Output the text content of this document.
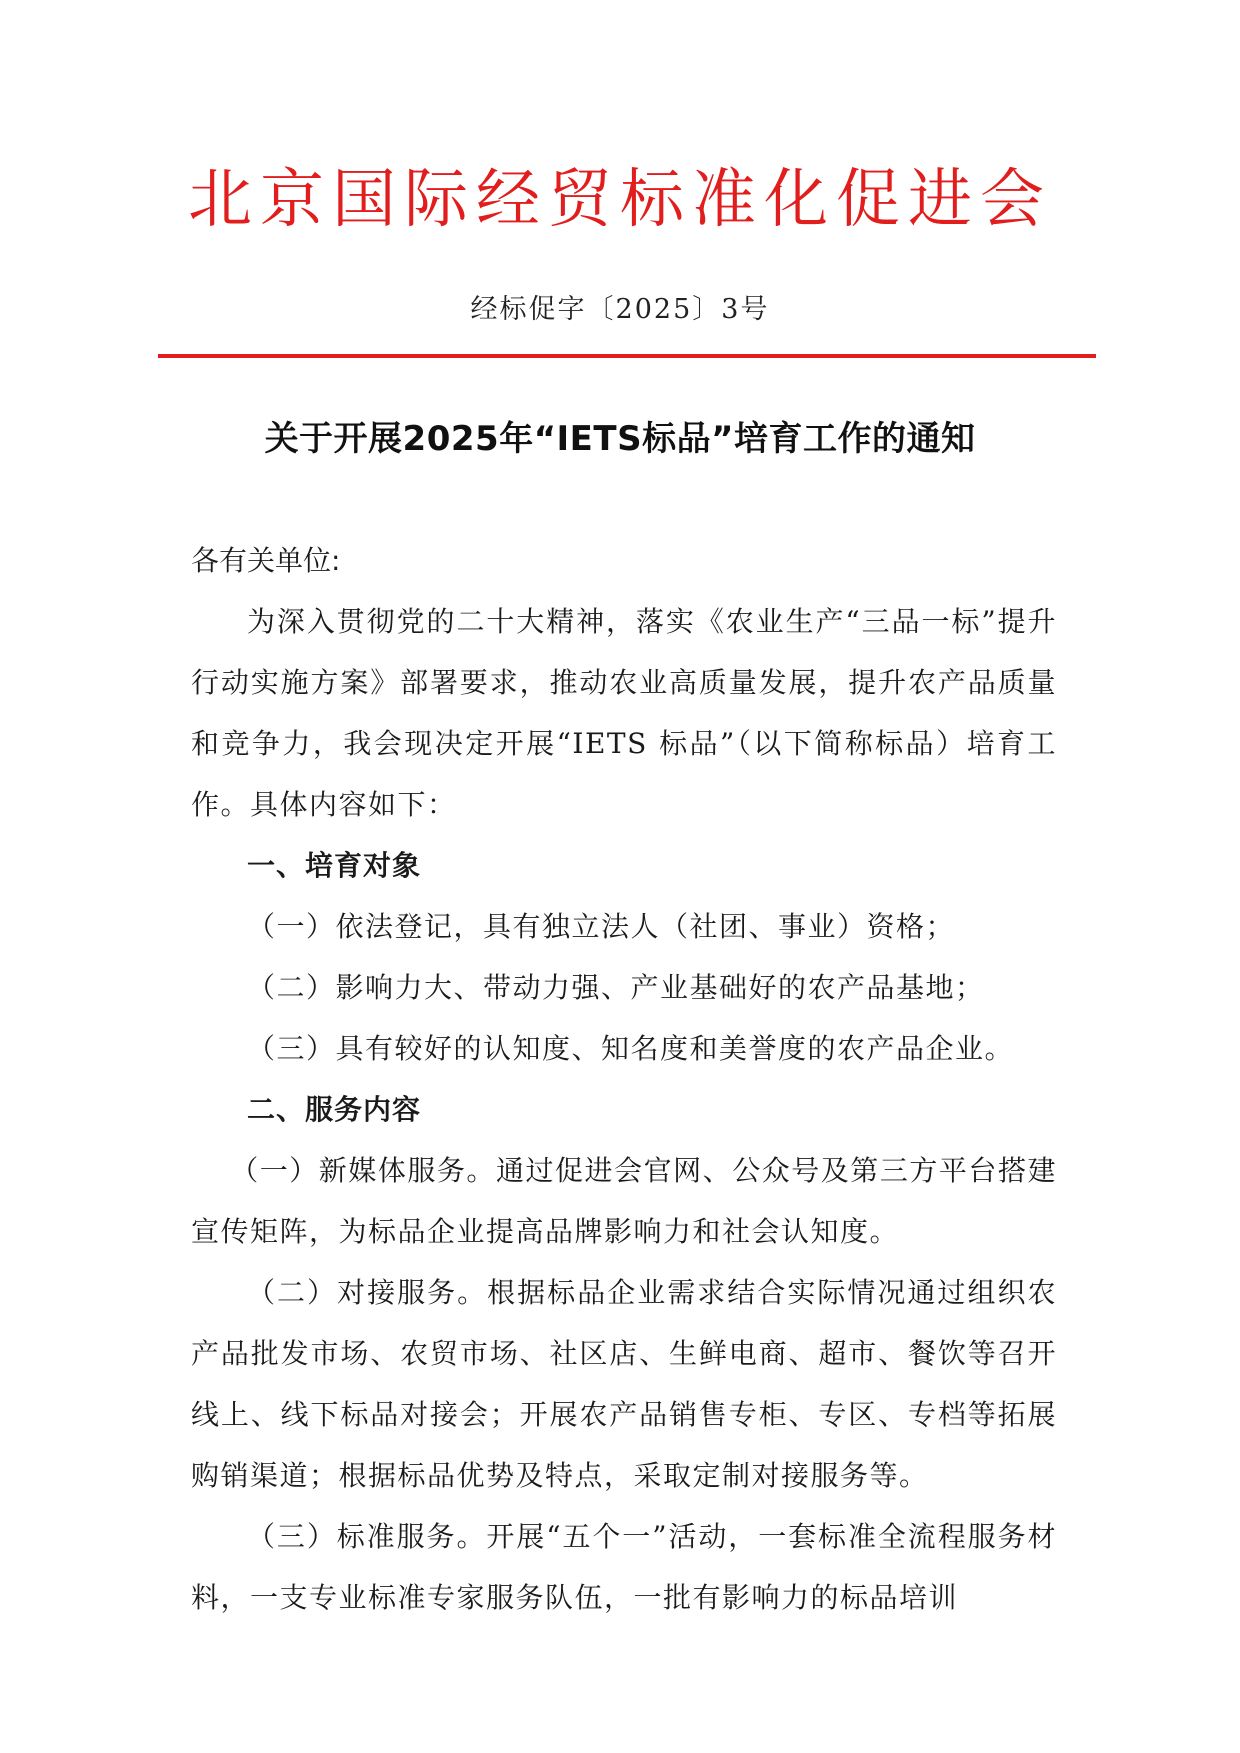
北京国际经贸标准化促进会
经标促字〔2025〕3号
关于开展2025年“IETS标品”培育工作的通知
各有关单位:

为深入贯彻党的二十大精神，落实《农业生产“三品一标”提升行动实施方案》部署要求，推动农业高质量发展，提升农产品质量和竞争力，我会现决定开展“IETS 标品”（以下简称标品）培育工作。具体内容如下：

一、培育对象
（一）依法登记，具有独立法人（社团、事业）资格；
（二）影响力大、带动力强、产业基础好的农产品基地；
（三）具有较好的认知度、知名度和美誉度的农产品企业。
二、服务内容

（一）新媒体服务。通过促进会官网、公众号及第三方平台搭建宣传矩阵，为标品企业提高品牌影响力和社会认知度。

（二）对接服务。根据标品企业需求结合实际情况通过组织农产品批发市场、农贸市场、社区店、生鲜电商、超市、餐饮等召开线上、线下标品对接会；开展农产品销售专柜、专区、专档等拓展购销渠道；根据标品优势及特点，采取定制对接服务等。

（三）标准服务。开展“五个一”活动，一套标准全流程服务材料，一支专业标准专家服务队伍，一批有影响力的标品培训
